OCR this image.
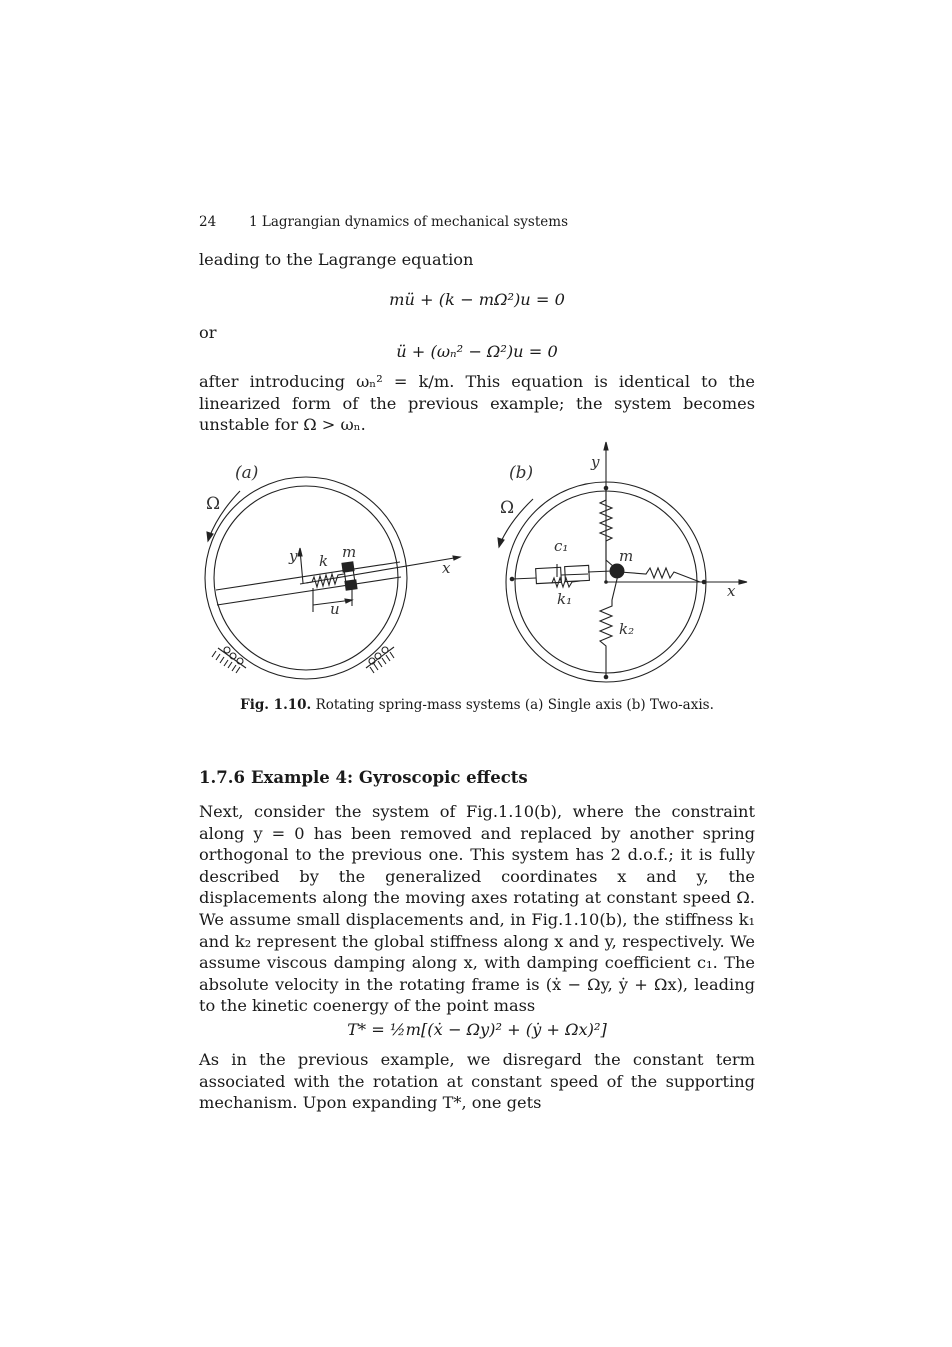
24 1 Lagrangian dynamics of mechanical systems
leading to the Lagrange equation
mü + (k − mΩ²)u = 0
or
ü + (ωₙ² − Ω²)u = 0
after introducing ωₙ² = k/m. This equation is identical to the linearized form of the previous example; the system becomes unstable for Ω > ωₙ.
Fig. 1.10. Rotating spring-mass systems (a) Single axis (b) Two-axis.
1.7.6 Example 4: Gyroscopic effects
Next, consider the system of Fig.1.10(b), where the constraint along y = 0 has been removed and replaced by another spring orthogonal to the previous one. This system has 2 d.o.f.; it is fully described by the generalized coordinates x and y, the displacements along the moving axes rotating at constant speed Ω. We assume small displacements and, in Fig.1.10(b), the stiffness k₁ and k₂ represent the global stiffness along x and y, respectively. We assume viscous damping along x, with damping coefficient c₁. The absolute velocity in the rotating frame is (ẋ − Ωy, ẏ + Ωx), leading to the kinetic coenergy of the point mass
T* = ½m[(ẋ − Ωy)² + (ẏ + Ωx)²]
As in the previous example, we disregard the constant term associated with the rotation at constant speed of the supporting mechanism. Upon expanding T*, one gets
(a)	(b)
Ω	Ω
y k m
x
u
y
c₁
m
k₁
k₂
x
